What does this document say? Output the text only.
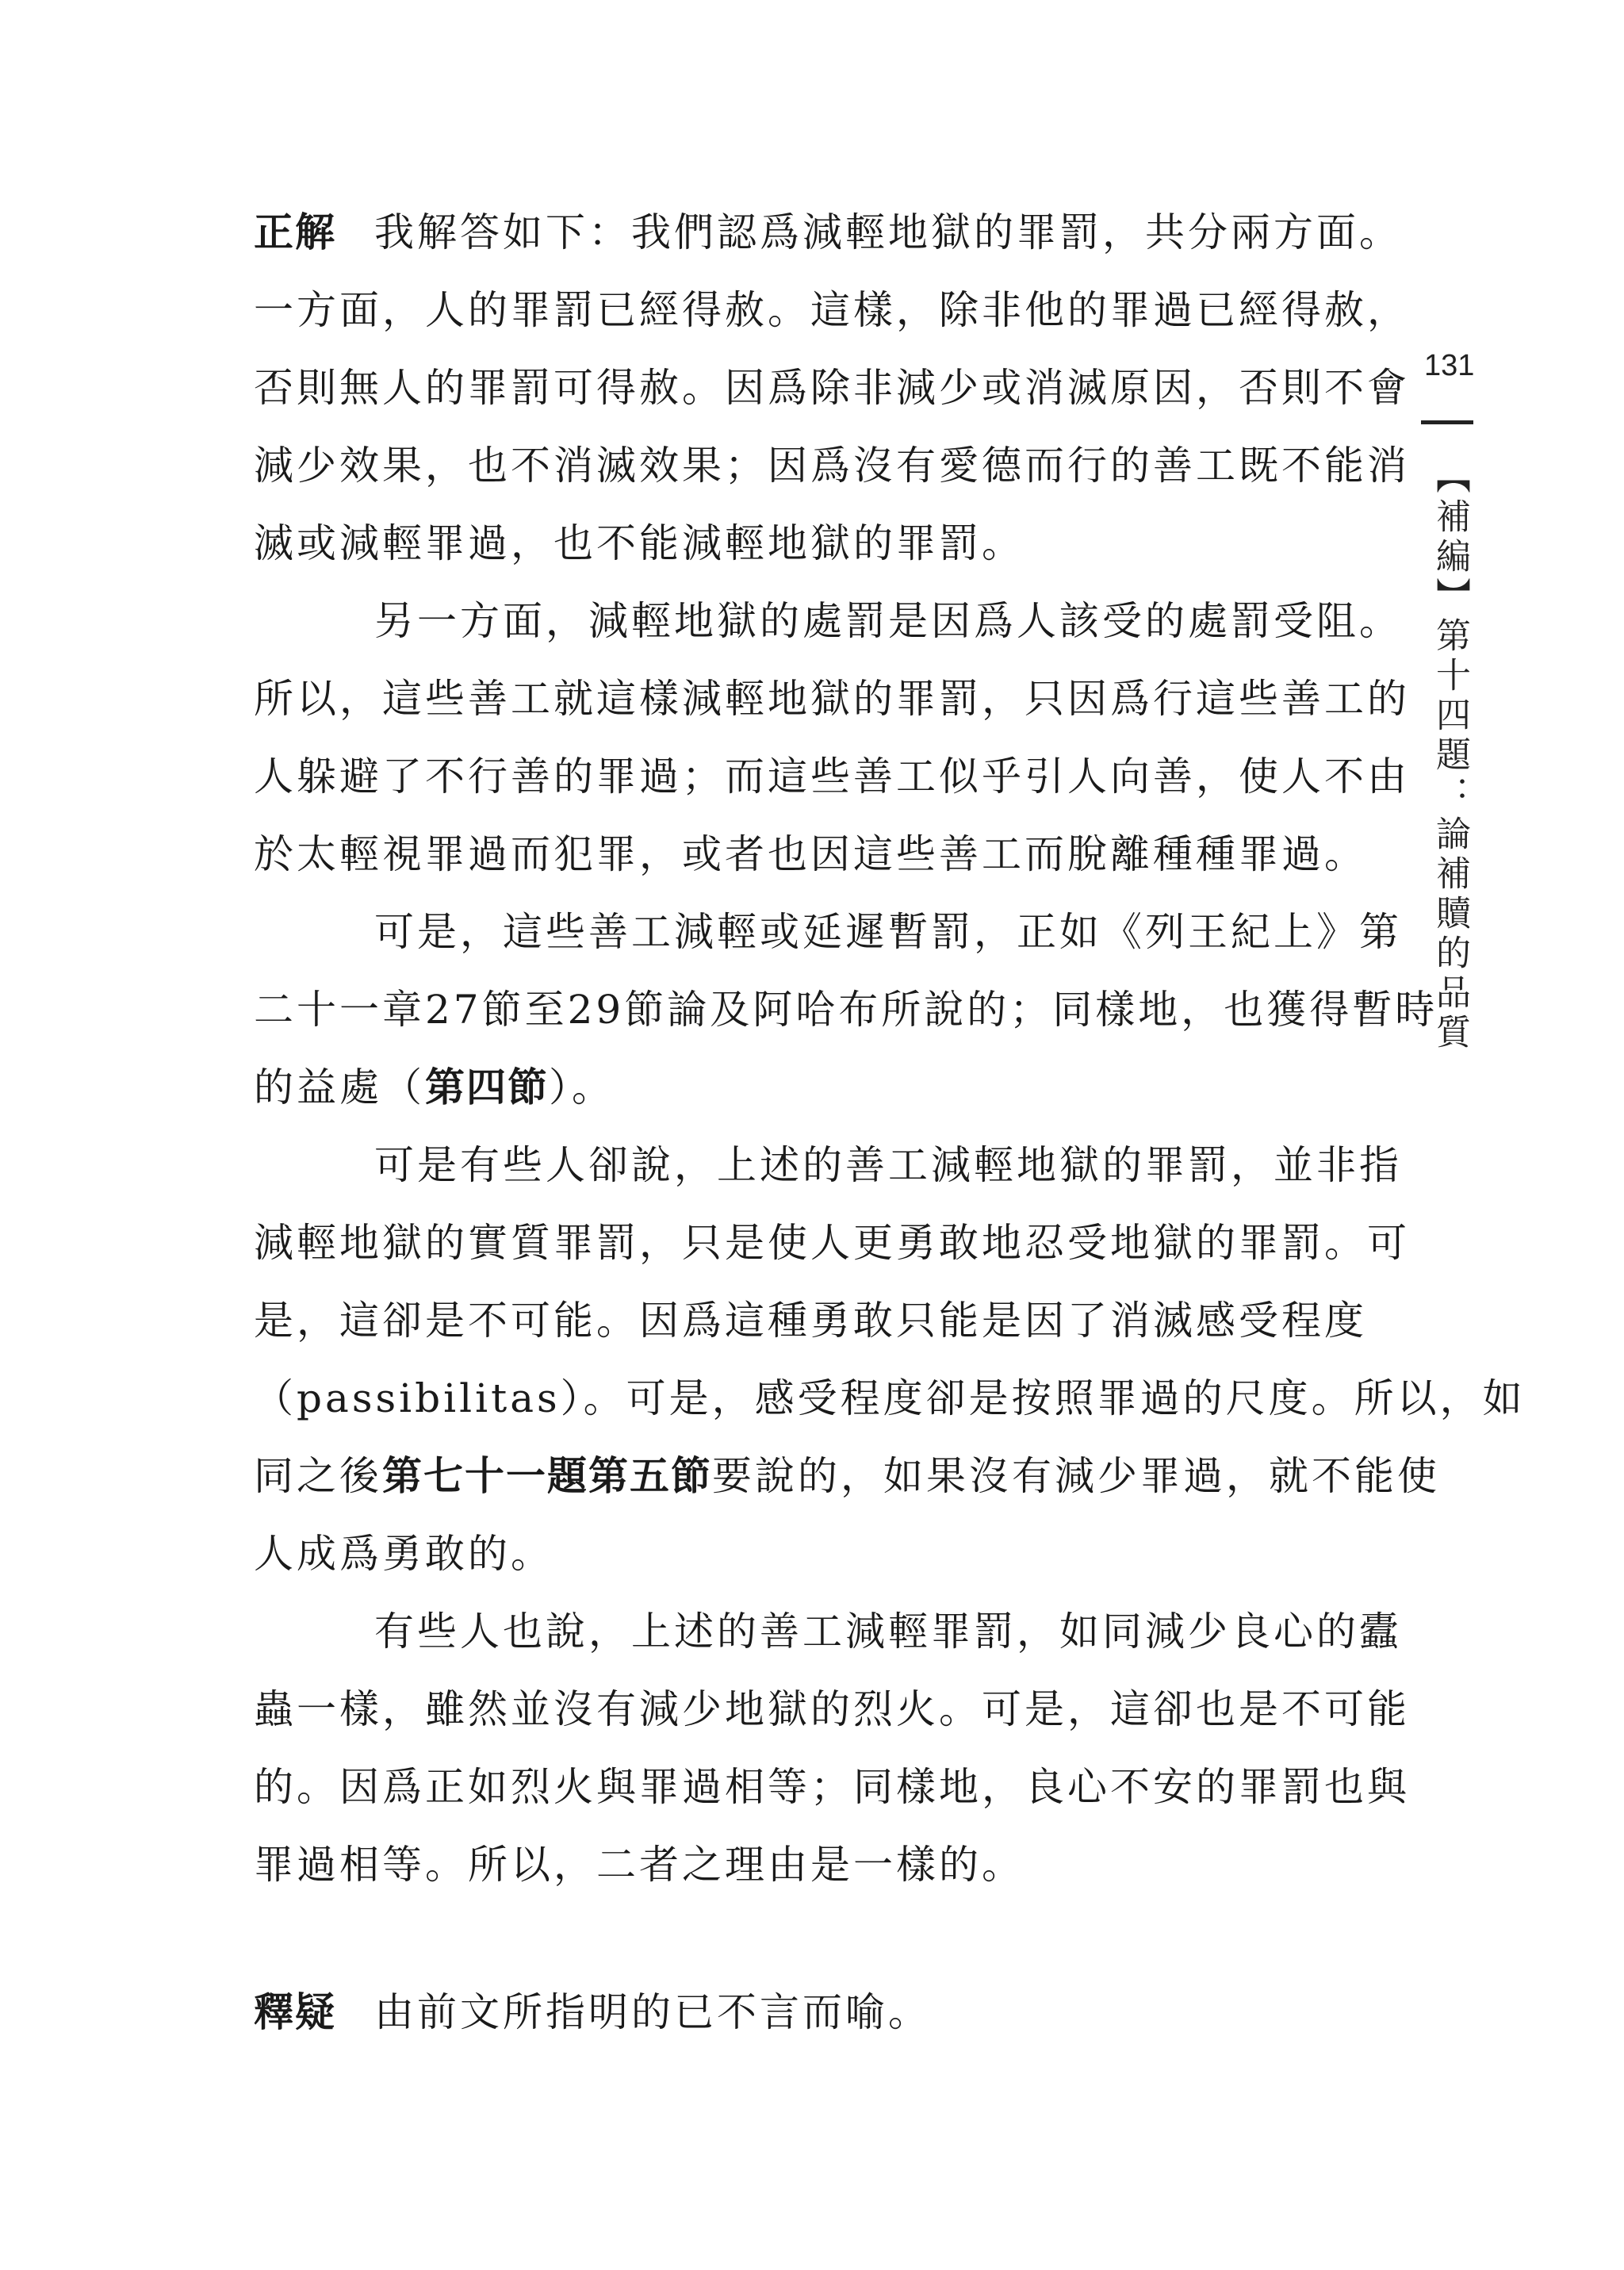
正解 我解答如下：我們認爲減輕地獄的罪罰，共分兩方面。
一方面，人的罪罰已經得赦。這樣，除非他的罪過已經得赦，
否則無人的罪罰可得赦。因爲除非減少或消滅原因，否則不會
減少效果，也不消滅效果；因爲沒有愛德而行的善工既不能消
滅或減輕罪過，也不能減輕地獄的罪罰。
另一方面，減輕地獄的處罰是因爲人該受的處罰受阻。
所以，這些善工就這樣減輕地獄的罪罰，只因爲行這些善工的
人躲避了不行善的罪過；而這些善工似乎引人向善，使人不由
於太輕視罪過而犯罪，或者也因這些善工而脫離種種罪過。
可是，這些善工減輕或延遲暫罰，正如《列王紀上》第
二十一章27節至29節論及阿哈布所說的；同樣地，也獲得暫時
的益處（第四節）。
可是有些人卻說，上述的善工減輕地獄的罪罰，並非指
減輕地獄的實質罪罰，只是使人更勇敢地忍受地獄的罪罰。可
是，這卻是不可能。因爲這種勇敢只能是因了消滅感受程度
（passibilitas）。可是，感受程度卻是按照罪過的尺度。所以，如
同之後第七十一題第五節要說的，如果沒有減少罪過，就不能使
人成爲勇敢的。
有些人也說，上述的善工減輕罪罰，如同減少良心的蠹
蟲一樣，雖然並沒有減少地獄的烈火。可是，這卻也是不可能
的。因爲正如烈火與罪過相等；同樣地，良心不安的罪罰也與
罪過相等。所以，二者之理由是一樣的。
釋疑 由前文所指明的已不言而喻。
131
【補編】第十四題：論補贖的品質
